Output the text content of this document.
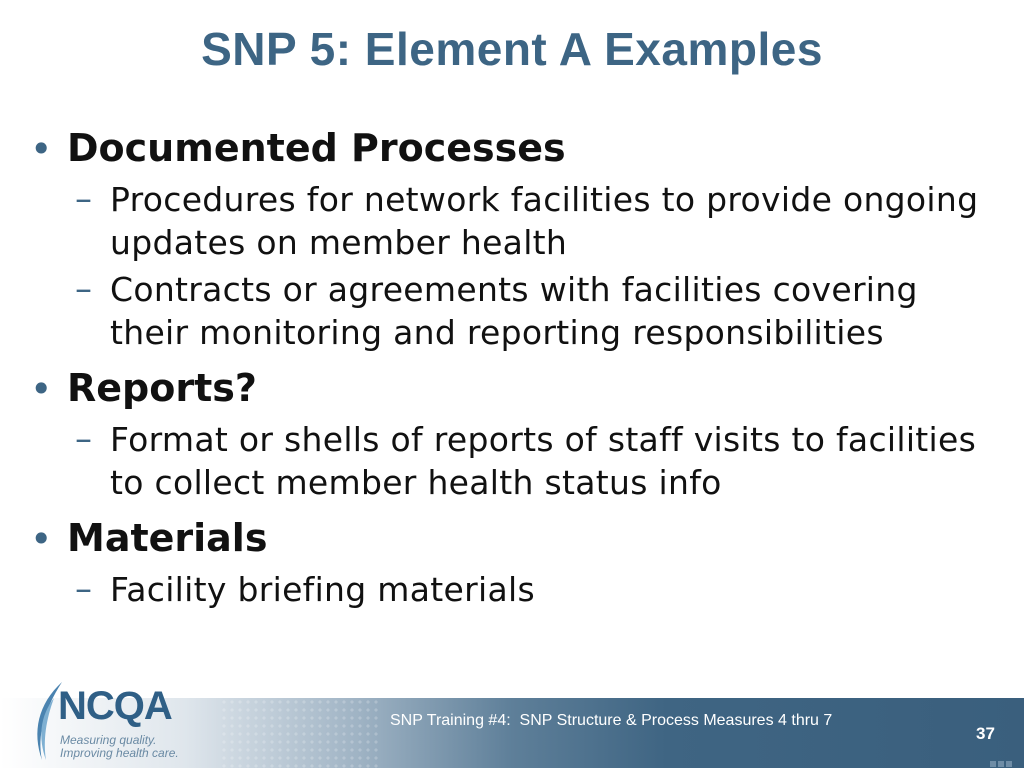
SNP 5: Element A Examples
• Documented Processes
– Procedures for network facilities to provide ongoing updates on member health
– Contracts or agreements with facilities covering their monitoring and reporting responsibilities
• Reports?
– Format or shells of reports of staff visits to facilities to collect member health status info
• Materials
– Facility briefing materials
SNP Training #4:  SNP Structure & Process Measures 4 thru 7
37
NCQA
Measuring quality.
Improving health care.
